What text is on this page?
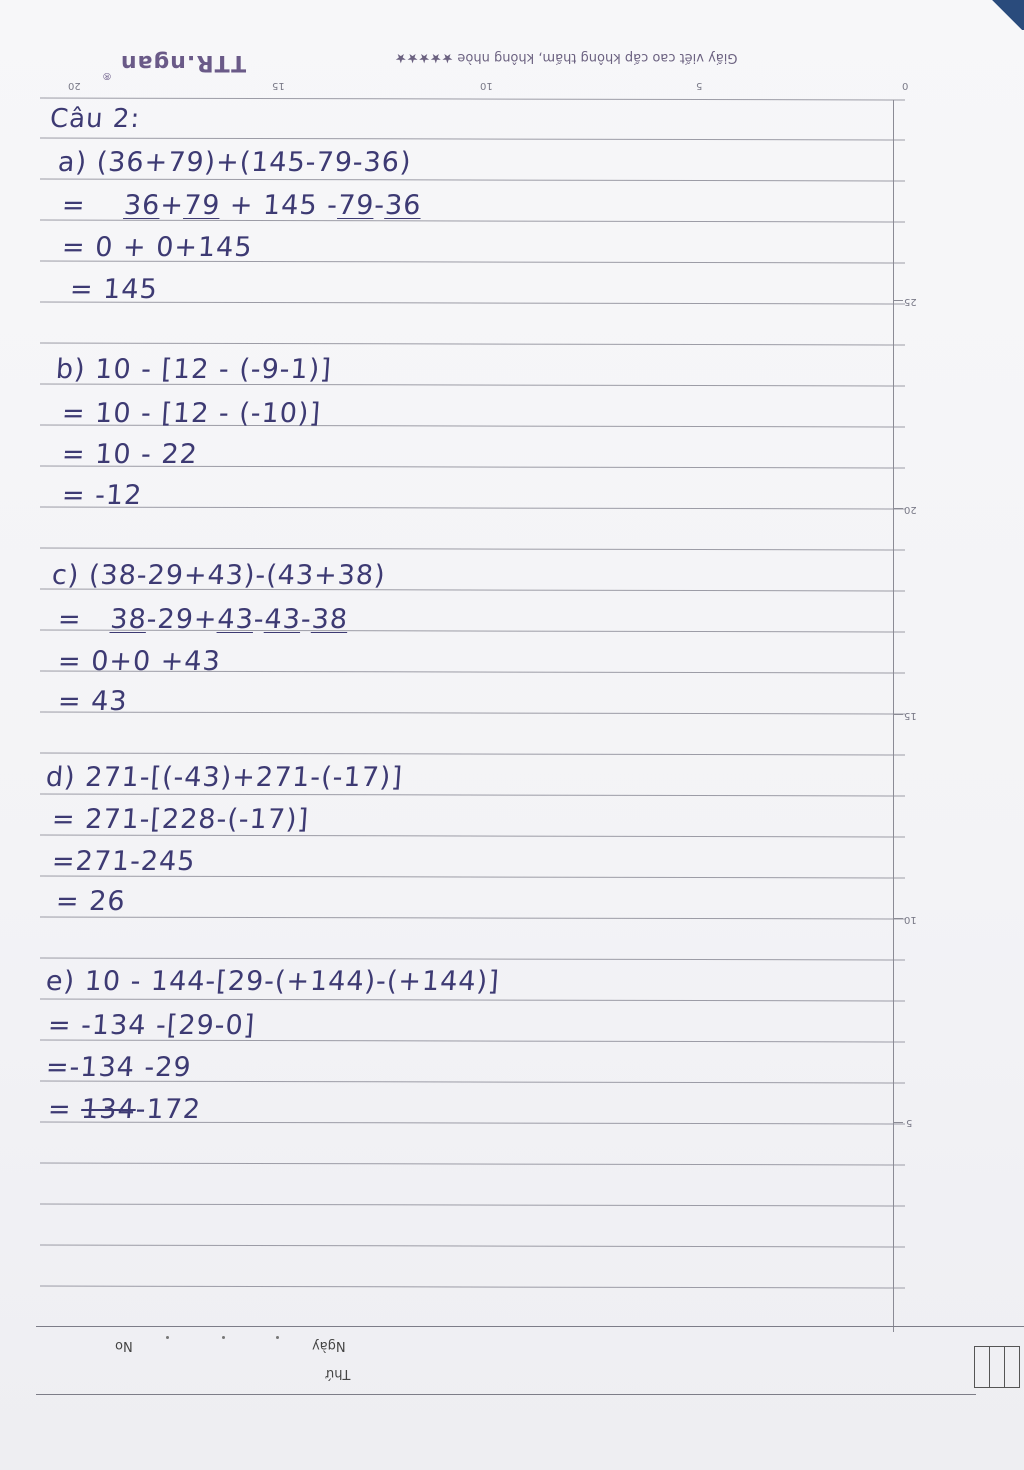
TTR.ngan
®
Giấy viết cao cấp không thấm, không nhòe ★★★★★
0
5
10
15
20
25
20
15
10
5
Câu 2:
a) (36+79)+(145-79-36)
=    36+79 + 145 -79-36
= 0 + 0+145
= 145
b) 10 - [12 - (-9-1)]
= 10 - [12 - (-10)]
= 10 - 22
= -12
c) (38-29+43)-(43+38)
=   38-29+43-43-38
= 0+0 +43
= 43
d) 271-[(-43)+271-(-17)]
= 271-[228-(-17)]
=271-245
= 26
e) 10 - 144-[29-(+144)-(+144)]
= -134 -[29-0]
=-134 -29
= 134-172
No	Ngày
Thứ
